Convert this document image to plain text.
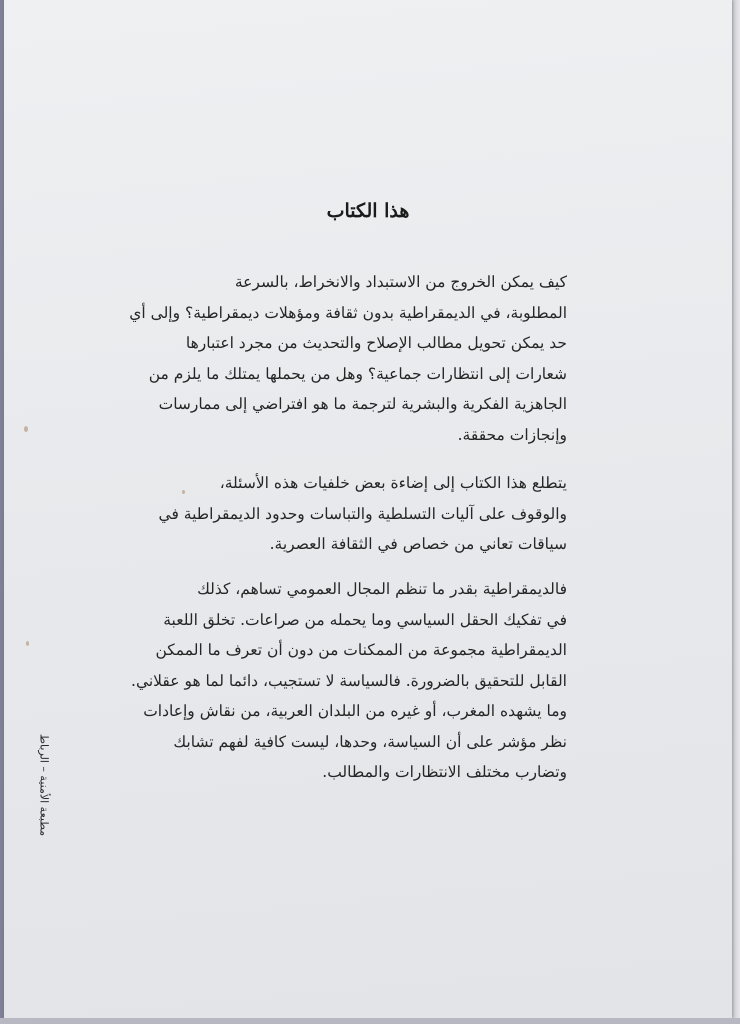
هذا الكتاب
كيف يمكن الخروج من الاستبداد والانخراط، بالسرعة
المطلوبة، في الديمقراطية بدون ثقافة ومؤهلات ديمقراطية؟ وإلى أي
حد يمكن تحويل مطالب الإصلاح والتحديث من مجرد اعتبارها
شعارات إلى انتظارات جماعية؟ وهل من يحملها يمتلك ما يلزم من
الجاهزية الفكرية والبشرية لترجمة ما هو افتراضي إلى ممارسات
وإنجازات محققة.
يتطلع هذا الكتاب إلى إضاءة بعض خلفيات هذه الأسئلة،
والوقوف على آليات التسلطية والتباسات وحدود الديمقراطية في
سياقات تعاني من خصاص في الثقافة العصرية.
فالديمقراطية بقدر ما تنظم المجال العمومي تساهم، كذلك
في تفكيك الحقل السياسي وما يحمله من صراعات. تخلق اللعبة
الديمقراطية مجموعة من الممكنات من دون أن تعرف ما الممكن
القابل للتحقيق بالضرورة. فالسياسة لا تستجيب، دائما لما هو عقلاني.
وما يشهده المغرب، أو غيره من البلدان العربية، من نقاش وإعادات
نظر مؤشر على أن السياسة، وحدها، ليست كافية لفهم تشابك
وتضارب مختلف الانتظارات والمطالب.
مطبعة الأمنية – الرباط
